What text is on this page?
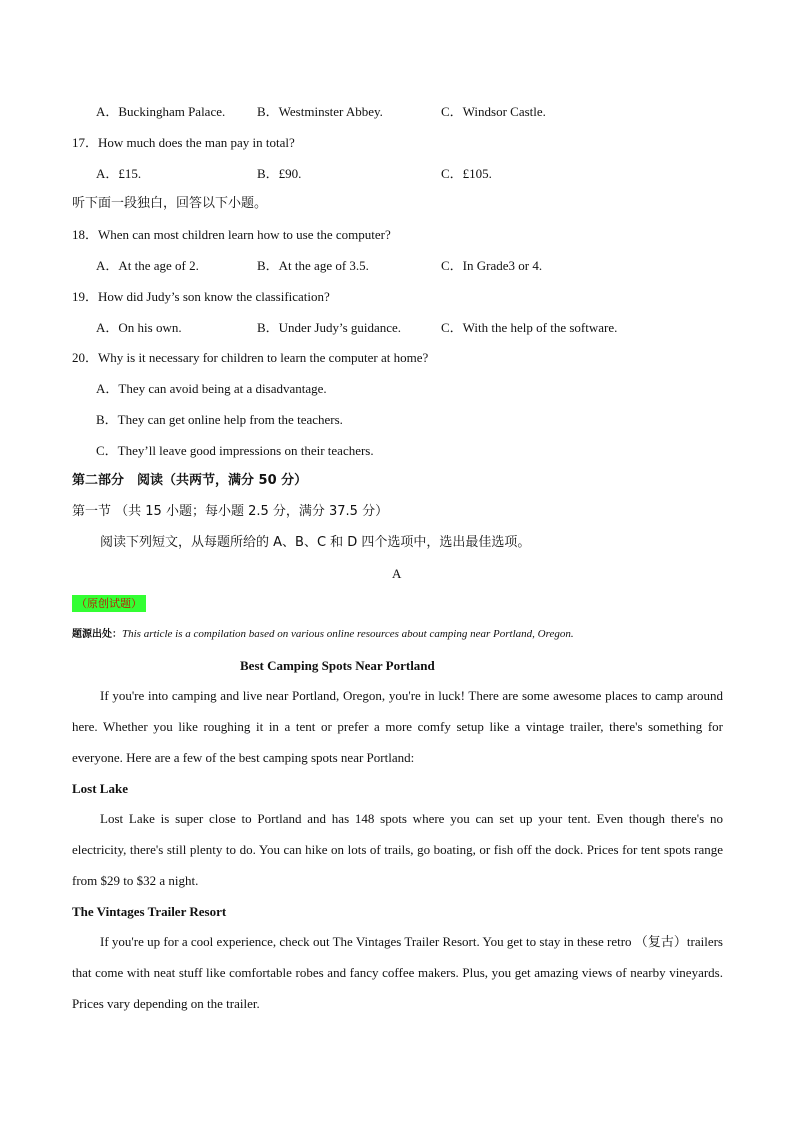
A．Buckingham Palace. B．Westminster Abbey.	C．Windsor Castle.
17．How much does the man pay in total?
A．£15.	B．£90.	C．£105.
听下面一段独白，回答以下小题。
18．When can most children learn how to use the computer?
A．At the age of 2.	B．At the age of 3.5.	C．In Grade3 or 4.
19．How did Judy’s son know the classification?
A．On his own.	B．Under Judy’s guidance.	C．With the help of the software.
20．Why is it necessary for children to learn the computer at home?
A．They can avoid being at a disadvantage.
B．They can get online help from the teachers.
C．They’ll leave good impressions on their teachers.
第二部分　阅读（共两节，满分 50 分）
第一节 （共 15 小题；每小题 2.5 分，满分 37.5 分）
阅读下列短文，从每题所给的 A、B、C 和 D 四个选项中，选出最佳选项。
A
（原创试题）
题源出处：This article is a compilation based on various online resources about camping near Portland, Oregon.
Best Camping Spots Near Portland
If you're into camping and live near Portland, Oregon, you're in luck! There are some awesome places to camp around here. Whether you like roughing it in a tent or prefer a more comfy setup like a vintage trailer, there's something for everyone. Here are a few of the best camping spots near Portland:
Lost Lake
Lost Lake is super close to Portland and has 148 spots where you can set up your tent. Even though there's no electricity, there's still plenty to do. You can hike on lots of trails, go boating, or fish off the dock. Prices for tent spots range from $29 to $32 a night.
The Vintages Trailer Resort
If you're up for a cool experience, check out The Vintages Trailer Resort. You get to stay in these retro （复古）trailers that come with neat stuff like comfortable robes and fancy coffee makers. Plus, you get amazing views of nearby vineyards. Prices vary depending on the trailer.
